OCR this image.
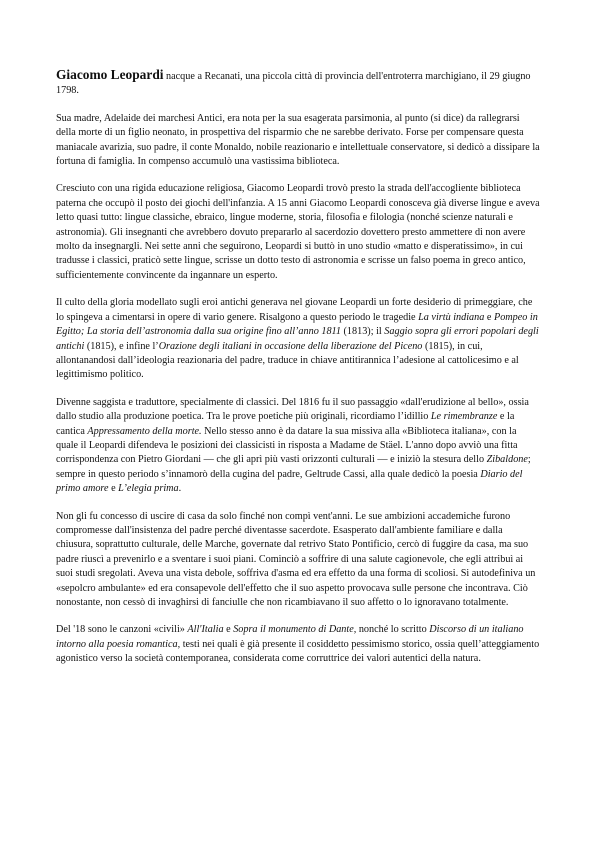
Giacomo Leopardi nacque a Recanati, una piccola città di provincia dell'entroterra marchigiano, il 29 giugno 1798.

Sua madre, Adelaide dei marchesi Antici, era nota per la sua esagerata parsimonia, al punto (si dice) da rallegrarsi della morte di un figlio neonato, in prospettiva del risparmio che ne sarebbe derivato. Forse per compensare questa maniacale avarizia, suo padre, il conte Monaldo, nobile reazionario e intellettuale conservatore, si dedicò a dissipare la fortuna di famiglia. In compenso accumulò una vastissima biblioteca.

Cresciuto con una rigida educazione religiosa, Giacomo Leopardi trovò presto la strada dell'accogliente biblioteca paterna che occupò il posto dei giochi dell'infanzia. A 15 anni Giacomo Leopardi conosceva già diverse lingue e aveva letto quasi tutto: lingue classiche, ebraico, lingue moderne, storia, filosofia e filologia (nonché scienze naturali e astronomia). Gli insegnanti che avrebbero dovuto prepararlo al sacerdozio dovettero presto ammettere di non avere molto da insegnargli. Nei sette anni che seguirono, Leopardi si buttò in uno studio «matto e disperatissimo», in cui tradusse i classici, praticò sette lingue, scrisse un dotto testo di astronomia e scrisse un falso poema in greco antico, sufficientemente convincente da ingannare un esperto.

Il culto della gloria modellato sugli eroi antichi generava nel giovane Leopardi un forte desiderio di primeggiare, che lo spingeva a cimentarsi in opere di vario genere. Risalgono a questo periodo le tragedie La virtù indiana e Pompeo in Egitto; La storia dell’astronomia dalla sua origine fino all’anno 1811 (1813); il Saggio sopra gli errori popolari degli antichi (1815), e infine l’Orazione degli italiani in occasione della liberazione del Piceno (1815), in cui, allontanandosi dall’ideologia reazionaria del padre, traduce in chiave antitirannica l’adesione al cattolicesimo e al legittimismo politico.

Divenne saggista e traduttore, specialmente di classici. Del 1816 fu il suo passaggio «dall'erudizione al bello», ossia dallo studio alla produzione poetica. Tra le prove poetiche più originali, ricordiamo l’idillio Le rimembranze e la cantica Appressamento della morte. Nello stesso anno è da datare la sua missiva alla «Biblioteca italiana», con la quale il Leopardi difendeva le posizioni dei classicisti in risposta a Madame de Stäel. L'anno dopo avviò una fitta corrispondenza con Pietro Giordani — che gli aprì più vasti orizzonti culturali — e iniziò la stesura dello Zibaldone; sempre in questo periodo s’innamorò della cugina del padre, Geltrude Cassi, alla quale dedicò la poesia Diario del primo amore e L’elegia prima.

Non gli fu concesso di uscire di casa da solo finché non compì vent'anni. Le sue ambizioni accademiche furono compromesse dall'insistenza del padre perché diventasse sacerdote. Esasperato dall'ambiente familiare e dalla chiusura, soprattutto culturale, delle Marche, governate dal retrivo Stato Pontificio, cercò di fuggire da casa, ma suo padre riuscì a prevenirlo e a sventare i suoi piani. Cominciò a soffrire di una salute cagionevole, che egli attribuì ai suoi studi sregolati. Aveva una vista debole, soffriva d'asma ed era effetto da una forma di scoliosi. Si autodefiniva un «sepolcro ambulante» ed era consapevole dell'effetto che il suo aspetto provocava sulle persone che incontrava. Ciò nonostante, non cessò di invaghirsi di fanciulle che non ricambiavano il suo affetto o lo ignoravano totalmente.

Del '18 sono le canzoni «civili» All'Italia e Sopra il monumento di Dante, nonché lo scritto Discorso di un italiano intorno alla poesia romantica, testi nei quali è già presente il cosiddetto pessimismo storico, ossia quell’atteggiamento agonistico verso la società contemporanea, considerata come corruttrice dei valori autentici della natura.
